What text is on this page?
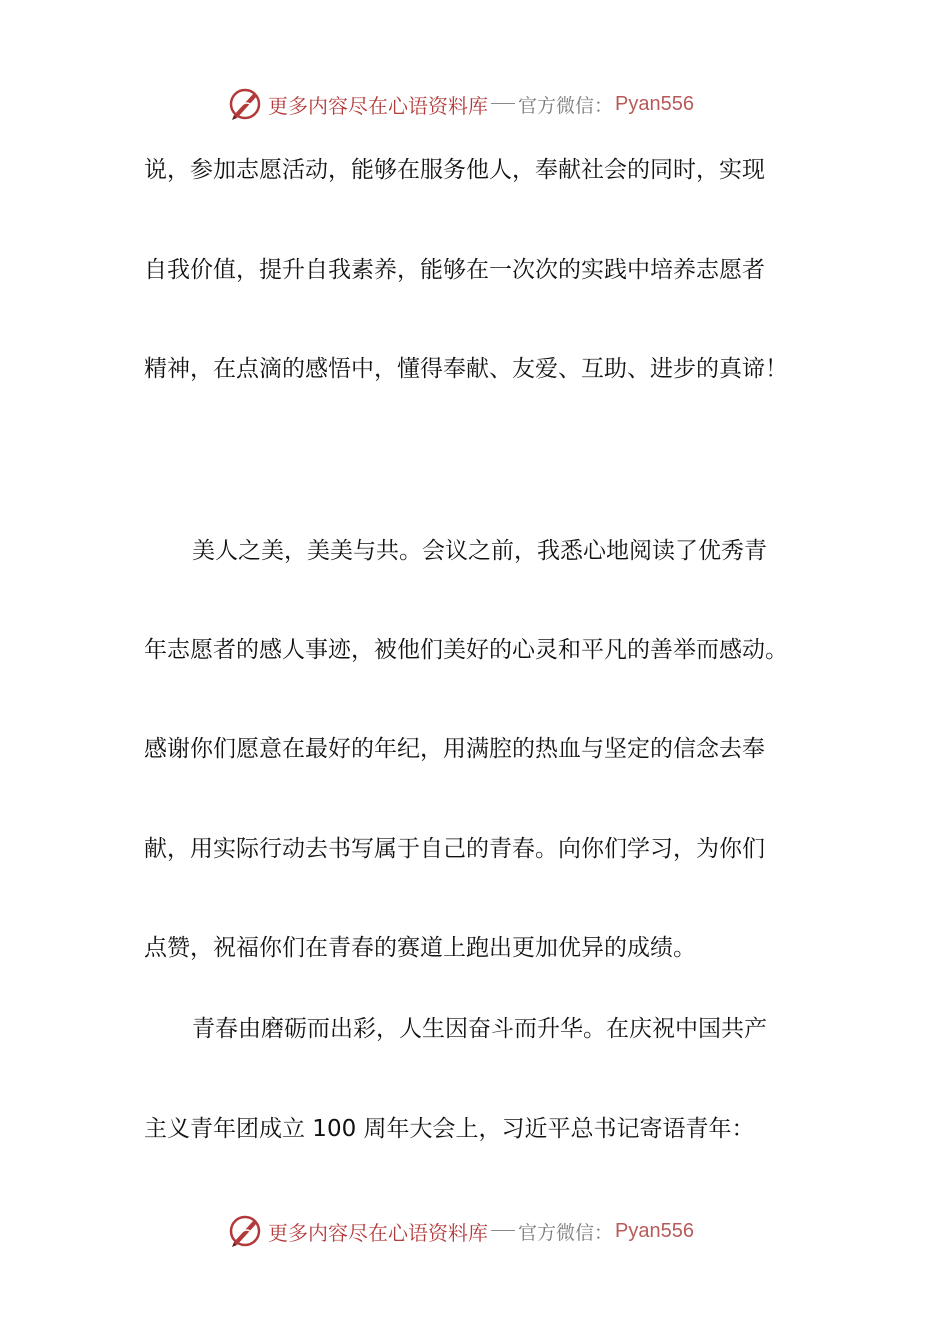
更多内容尽在心语资料库 官方微信： Pyan556
说，参加志愿活动，能够在服务他人，奉献社会的同时，实现
自我价值，提升自我素养，能够在一次次的实践中培养志愿者
精神，在点滴的感悟中，懂得奉献、友爱、互助、进步的真谛！
美人之美，美美与共。会议之前，我悉心地阅读了优秀青
年志愿者的感人事迹，被他们美好的心灵和平凡的善举而感动。
感谢你们愿意在最好的年纪，用满腔的热血与坚定的信念去奉
献，用实际行动去书写属于自己的青春。向你们学习，为你们
点赞，祝福你们在青春的赛道上跑出更加优异的成绩。
青春由磨砺而出彩，人生因奋斗而升华。在庆祝中国共产
主义青年团成立 100 周年大会上，习近平总书记寄语青年：
更多内容尽在心语资料库 官方微信： Pyan556
